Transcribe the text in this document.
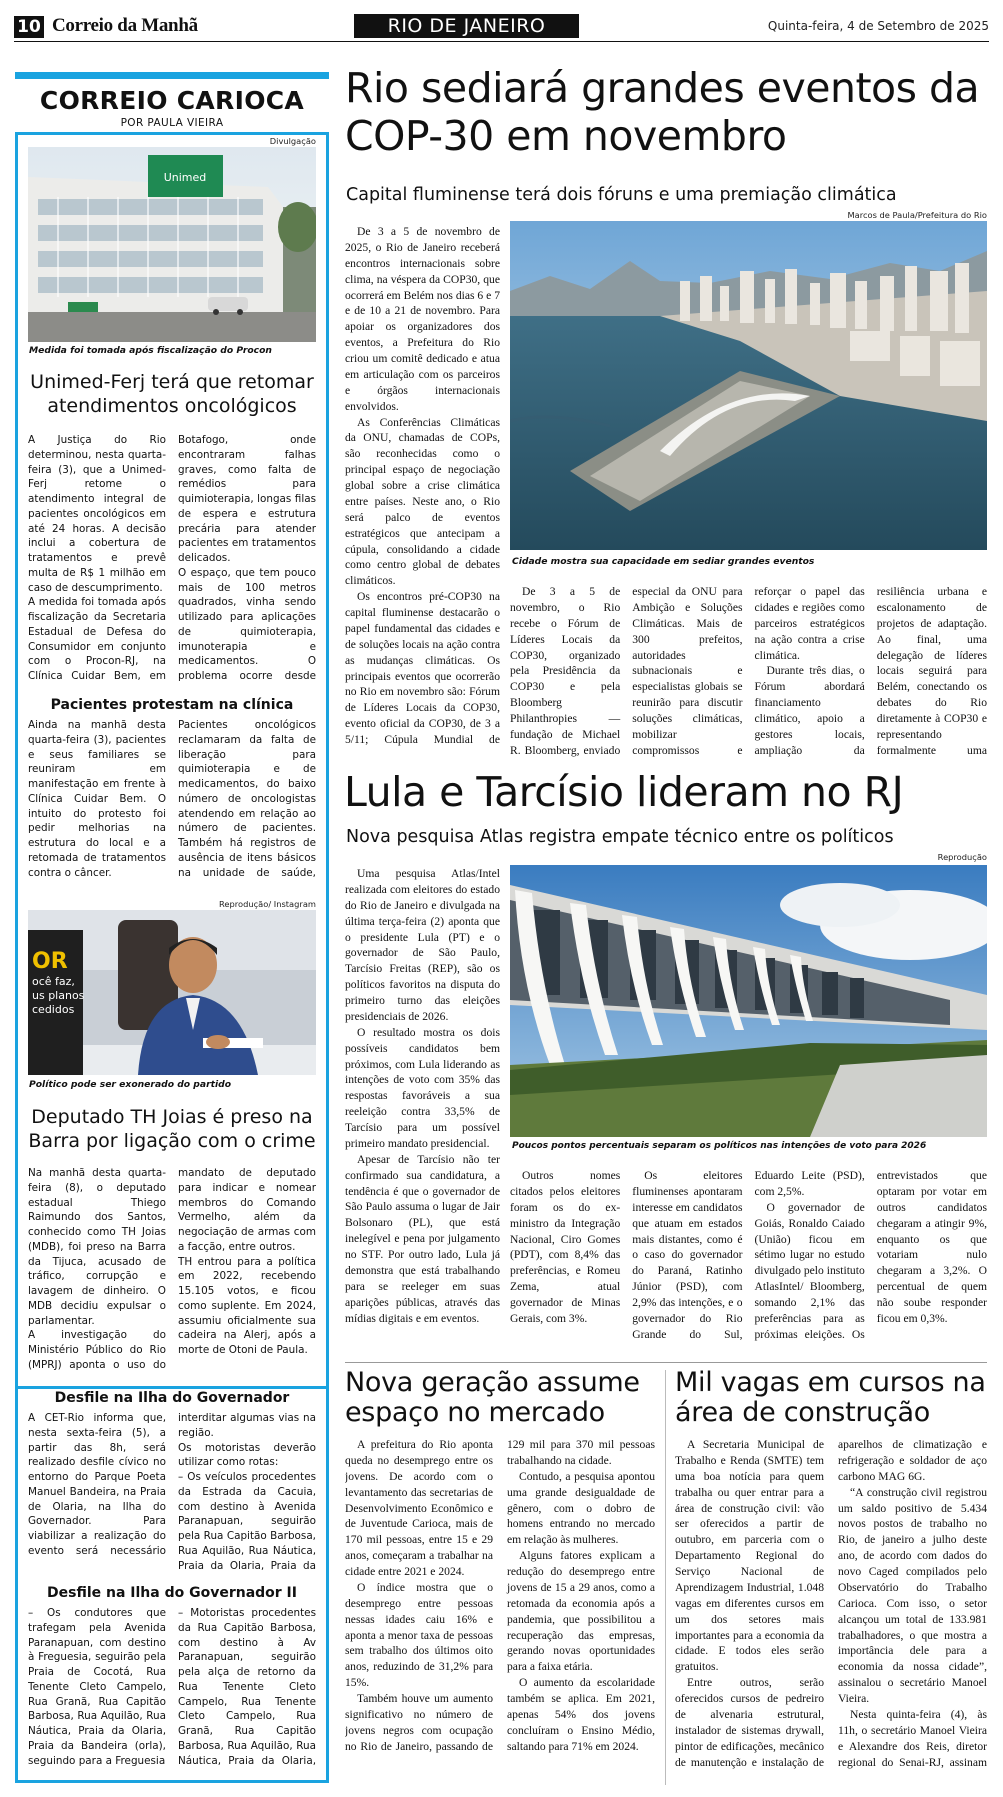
10 Correio da Manhã	RIO DE JANEIRO	Quinta-feira, 4 de Setembro de 2025
CORREIO CARIOCA
POR PAULA VIEIRA
Divulgação
Unimed
Medida foi tomada após fiscalização do Procon
Unimed-Ferj terá que retomar atendimentos oncológicos

A Justiça do Rio determinou, nesta quarta-feira (3), que a Unimed-Ferj retome o atendimento integral de pacientes oncológicos em até 24 horas. A decisão inclui a cobertura de tratamentos e prevê multa de R$ 1 milhão em caso de descumprimento.

A medida foi tomada após fiscalização da Secretaria Estadual de Defesa do Consumidor em conjunto com o Procon-RJ, na Clínica Cuidar Bem, em Botafogo, onde encontraram falhas graves, como falta de remédios para quimioterapia, longas filas de espera e estrutura precária para atender pacientes em tratamentos delicados.

O espaço, que tem pouco mais de 100 metros quadrados, vinha sendo utilizado para aplicações de quimioterapia, imunoterapia e medicamentos. O problema ocorre desde

Pacientes protestam na clínica

Ainda na manhã desta quarta-feira (3), pacientes e seus familiares se reuniram em manifestação em frente à Clínica Cuidar Bem. O intuito do protesto foi pedir melhorias na estrutura do local e a retomada de tratamentos contra o câncer.

Pacientes oncológicos reclamaram da falta de liberação para quimioterapia e de medicamentos, do baixo número de oncologistas atendendo em relação ao número de pacientes. Também há registros de ausência de itens básicos na unidade de saúde,

Reprodução/ Instagram
OR
ocê faz,
us planos
cedidos
Político pode ser exonerado do partido
Deputado TH Joias é preso na Barra por ligação com o crime

Na manhã desta quarta-feira (8), o deputado estadual Thiego Raimundo dos Santos, conhecido como TH Joias (MDB), foi preso na Barra da Tijuca, acusado de tráfico, corrupção e lavagem de dinheiro. O MDB decidiu expulsar o parlamentar.

A investigação do Ministério Público do Rio (MPRJ) aponta o uso do mandato de deputado para indicar e nomear membros do Comando Vermelho, além da negociação de armas com a facção, entre outros.

TH entrou para a política em 2022, recebendo 15.105 votos, e ficou como suplente. Em 2024, assumiu oficialmente sua cadeira na Alerj, após a morte de Otoni de Paula.

Desfile na Ilha do Governador

A CET-Rio informa que, nesta sexta-feira (5), a partir das 8h, será realizado desfile cívico no entorno do Parque Poeta Manuel Bandeira, na Praia de Olaria, na Ilha do Governador. Para viabilizar a realização do evento será necessário interditar algumas vias na região.

Os motoristas deverão utilizar como rotas:

– Os veículos procedentes da Estrada da Cacuia, com destino à Avenida Paranapuan, seguirão pela Rua Capitão Barbosa, Rua Aquilão, Rua Náutica, Praia da Olaria, Praia da

Desfile na Ilha do Governador II

– Os condutores que trafegam pela Avenida Paranapuan, com destino à Freguesia, seguirão pela Praia de Cocotá, Rua Tenente Cleto Campelo, Rua Granã, Rua Capitão Barbosa, Rua Aquilão, Rua Náutica, Praia da Olaria, Praia da Bandeira (orla), seguindo para a Freguesia

– Motoristas procedentes da Rua Capitão Barbosa, com destino à Av Paranapuan, seguirão pela alça de retorno da Rua Tenente Cleto Campelo, Rua Tenente Cleto Campelo, Rua Granã, Rua Capitão Barbosa, Rua Aquilão, Rua Náutica, Praia da Olaria,

Rio sediará grandes eventos da COP-30 em novembro
Capital fluminense terá dois fóruns e uma premiação climática
Marcos de Paula/Prefeitura do Rio

De 3 a 5 de novembro de 2025, o Rio de Janeiro receberá encontros internacionais sobre clima, na véspera da COP30, que ocorrerá em Belém nos dias 6 e 7 e de 10 a 21 de novembro. Para apoiar os organizadores dos eventos, a Prefeitura do Rio criou um comitê dedicado e atua em articulação com os parceiros e órgãos internacionais envolvidos.

As Conferências Climáticas da ONU, chamadas de COPs, são reconhecidas como o principal espaço de negociação global sobre a crise climática entre países. Neste ano, o Rio será palco de eventos estratégicos que antecipam a cúpula, consolidando a cidade como centro global de debates climáticos.

Os encontros pré-COP30 na capital fluminense destacarão o papel fundamental das cidades e de soluções locais na ação contra as mudanças climáticas. Os principais eventos que ocorrerão no Rio em novembro são: Fórum de Líderes Locais da COP30, evento oficial da COP30, de 3 a 5/11; Cúpula Mundial de

Cidade mostra sua capacidade em sediar grandes eventos

De 3 a 5 de novembro, o Rio recebe o Fórum de Líderes Locais da COP30, organizado pela Presidência da COP30 e pela Bloomberg Philanthropies — fundação de Michael R. Bloomberg, enviado especial da ONU para Ambição e Soluções Climáticas. Mais de 300 prefeitos, autoridades subnacionais e especialistas globais se reunirão para discutir soluções climáticas, mobilizar compromissos e reforçar o papel das cidades e regiões como parceiros estratégicos na ação contra a crise climática.

Durante três dias, o Fórum abordará financiamento climático, apoio a gestores locais, ampliação da resiliência urbana e escalonamento de projetos de adaptação. Ao final, uma delegação de líderes locais seguirá para Belém, conectando os debates do Rio diretamente à COP30 e representando formalmente uma

Lula e Tarcísio lideram no RJ
Nova pesquisa Atlas registra empate técnico entre os políticos
Reprodução

Uma pesquisa Atlas/Intel realizada com eleitores do estado do Rio de Janeiro e divulgada na última terça-feira (2) aponta que o presidente Lula (PT) e o governador de São Paulo, Tarcísio Freitas (REP), são os políticos favoritos na disputa do primeiro turno das eleições presidenciais de 2026.

O resultado mostra os dois possíveis candidatos bem próximos, com Lula liderando as intenções de voto com 35% das respostas favoráveis a sua reeleição contra 33,5% de Tarcísio para um possível primeiro mandato presidencial.

Apesar de Tarcísio não ter confirmado sua candidatura, a tendência é que o governador de São Paulo assuma o lugar de Jair Bolsonaro (PL), que está inelegível e pena por julgamento no STF. Por outro lado, Lula já demonstra que está trabalhando para se reeleger em suas aparições públicas, através das mídias digitais e em eventos.

Poucos pontos percentuais separam os políticos nas intenções de voto para 2026

Outros nomes citados pelos eleitores foram os do ex-ministro da Integração Nacional, Ciro Gomes (PDT), com 8,4% das preferências, e Romeu Zema, atual governador de Minas Gerais, com 3%.

Os eleitores fluminenses apontaram interesse em candidatos que atuam em estados mais distantes, como é o caso do governador do Paraná, Ratinho Júnior (PSD), com 2,9% das intenções, e o governador do Rio Grande do Sul, Eduardo Leite (PSD), com 2,5%.

O governador de Goiás, Ronaldo Caiado (União) ficou em sétimo lugar no estudo divulgado pelo instituto AtlasIntel/ Bloomberg, somando 2,1% das preferências para as próximas eleições. Os entrevistados que optaram por votar em outros candidatos chegaram a atingir 9%, enquanto os que votariam nulo chegaram a 3,2%. O percentual de quem não soube responder ficou em 0,3%.

Nova geração assume espaço no mercado

A prefeitura do Rio aponta queda no desemprego entre os jovens. De acordo com o levantamento das secretarias de Desenvolvimento Econômico e de Juventude Carioca, mais de 170 mil pessoas, entre 15 e 29 anos, começaram a trabalhar na cidade entre 2021 e 2024.

O índice mostra que o desemprego entre pessoas nessas idades caiu 16% e aponta a menor taxa de pessoas sem trabalho dos últimos oito anos, reduzindo de 31,2% para 15%.

Também houve um aumento significativo no número de jovens negros com ocupação no Rio de Janeiro, passando de 129 mil para 370 mil pessoas trabalhando na cidade.

Contudo, a pesquisa apontou uma grande desigualdade de gênero, com o dobro de homens entrando no mercado em relação às mulheres.

Alguns fatores explicam a redução do desemprego entre jovens de 15 a 29 anos, como a retomada da economia após a pandemia, que possibilitou a recuperação das empresas, gerando novas oportunidades para a faixa etária.

O aumento da escolaridade também se aplica. Em 2021, apenas 54% dos jovens concluíram o Ensino Médio, saltando para 71% em 2024.

Mil vagas em cursos na área de construção

A Secretaria Municipal de Trabalho e Renda (SMTE) tem uma boa notícia para quem trabalha ou quer entrar para a área de construção civil: vão ser oferecidos a partir de outubro, em parceria com o Departamento Regional do Serviço Nacional de Aprendizagem Industrial, 1.048 vagas em diferentes cursos em um dos setores mais importantes para a economia da cidade. E todos eles serão gratuitos.

Entre outros, serão oferecidos cursos de pedreiro de alvenaria estrutural, instalador de sistemas drywall, pintor de edificações, mecânico de manutenção e instalação de aparelhos de climatização e refrigeração e soldador de aço carbono MAG 6G.

“A construção civil registrou um saldo positivo de 5.434 novos postos de trabalho no Rio, de janeiro a julho deste ano, de acordo com dados do novo Caged compilados pelo Observatório do Trabalho Carioca. Com isso, o setor alcançou um total de 133.981 trabalhadores, o que mostra a importância dele para a economia da nossa cidade”, assinalou o secretário Manoel Vieira.

Nesta quinta-feira (4), às 11h, o secretário Manoel Vieira e Alexandre dos Reis, diretor regional do Senai-RJ, assinam
